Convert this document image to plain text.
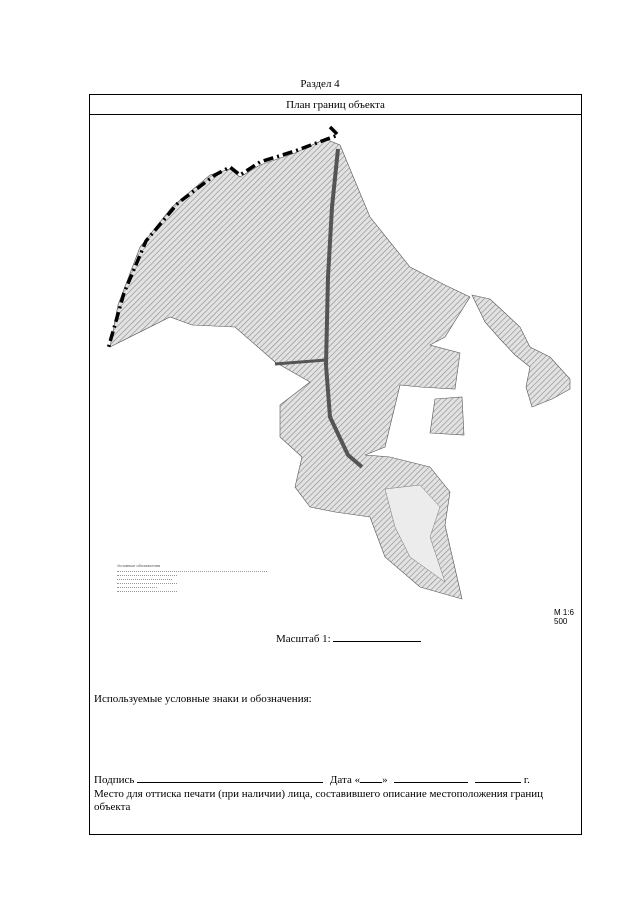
Раздел 4
План границ объекта
Условные обозначения
М 1:6 500
Масштаб 1:
Используемые условные знаки и обозначения:
Подпись	Дата « »	г.
Место для оттиска печати (при наличии) лица, составившего описание местоположения границ объекта
